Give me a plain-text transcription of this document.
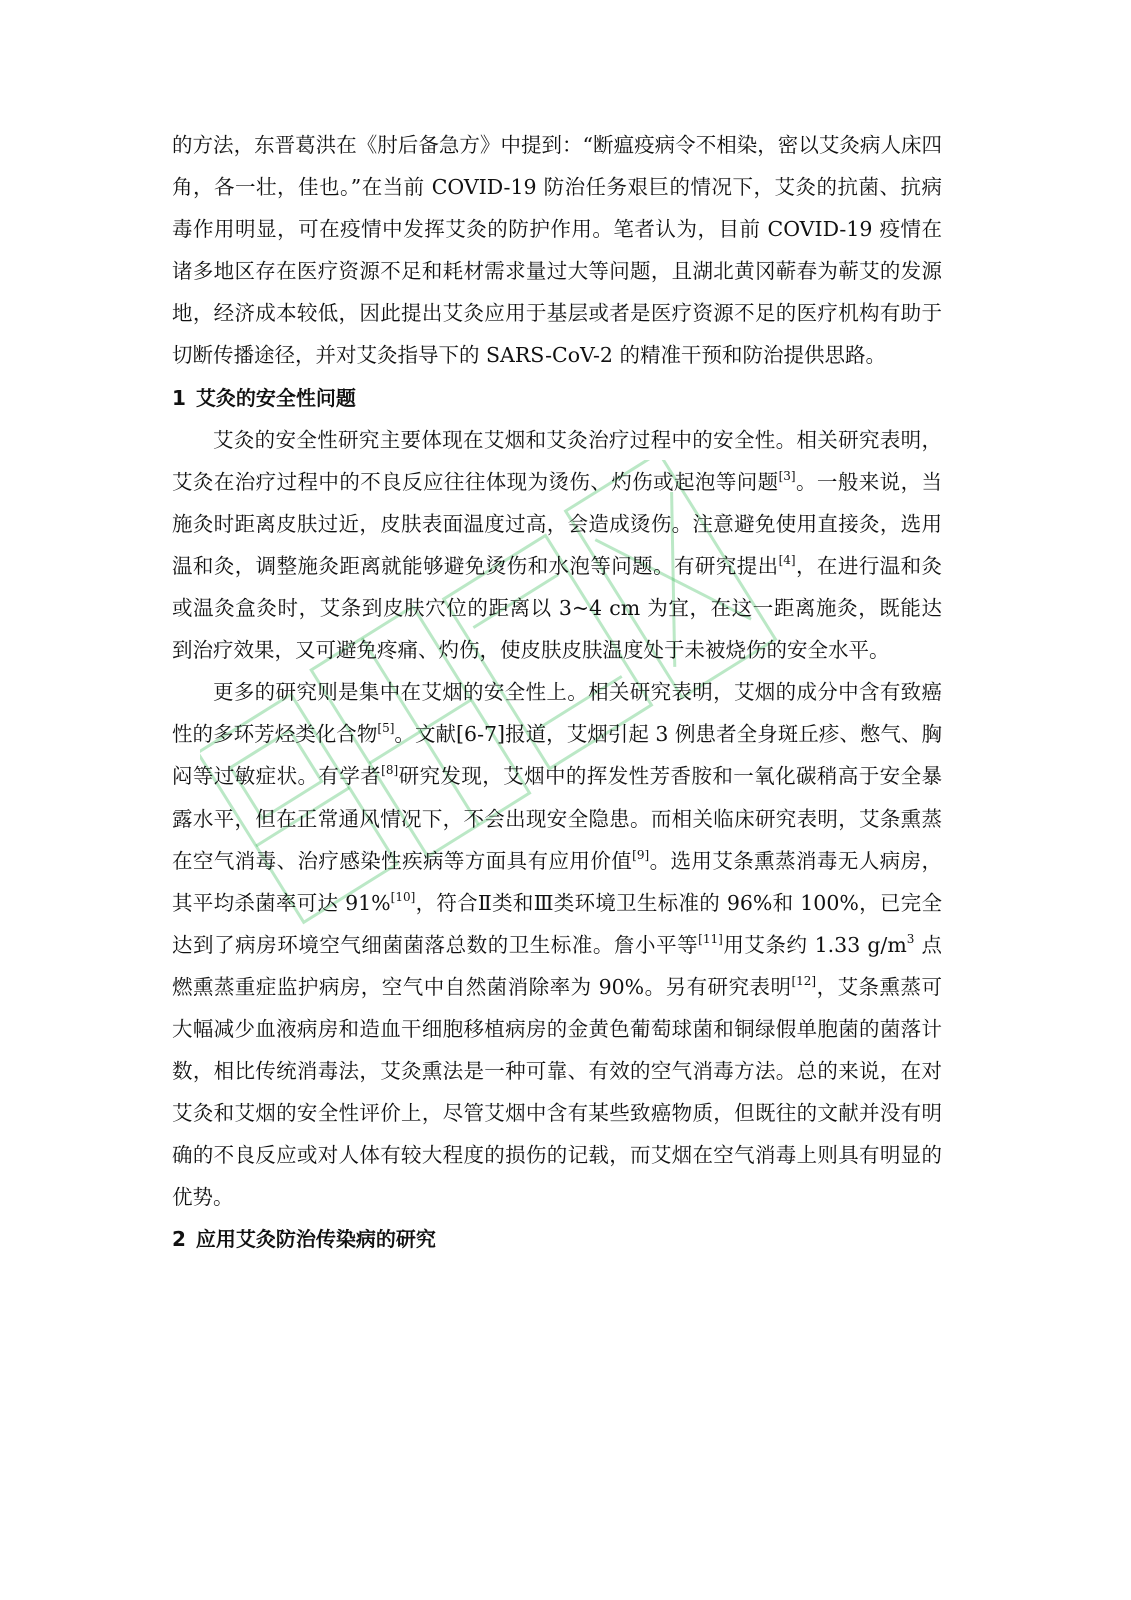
的方法，东晋葛洪在《肘后备急方》中提到：“断瘟疫病令不相染，密以艾灸病人床四角，各一壮，佳也。”在当前 COVID-19 防治任务艰巨的情况下，艾灸的抗菌、抗病毒作用明显，可在疫情中发挥艾灸的防护作用。笔者认为，目前 COVID-19 疫情在诸多地区存在医疗资源不足和耗材需求量过大等问题，且湖北黄冈蕲春为蕲艾的发源地，经济成本较低，因此提出艾灸应用于基层或者是医疗资源不足的医疗机构有助于切断传播途径，并对艾灸指导下的 SARS-CoV-2 的精准干预和防治提供思路。

1 艾灸的安全性问题

艾灸的安全性研究主要体现在艾烟和艾灸治疗过程中的安全性。相关研究表明，艾灸在治疗过程中的不良反应往往体现为烫伤、灼伤或起泡等问题[3]。一般来说，当施灸时距离皮肤过近，皮肤表面温度过高，会造成烫伤。注意避免使用直接灸，选用温和灸，调整施灸距离就能够避免烫伤和水泡等问题。有研究提出[4]，在进行温和灸或温灸盒灸时，艾条到皮肤穴位的距离以 3~4 cm 为宜，在这一距离施灸，既能达到治疗效果，又可避免疼痛、灼伤，使皮肤皮肤温度处于未被烧伤的安全水平。

更多的研究则是集中在艾烟的安全性上。相关研究表明，艾烟的成分中含有致癌性的多环芳烃类化合物[5]。文献[6-7]报道，艾烟引起 3 例患者全身斑丘疹、憋气、胸闷等过敏症状。有学者[8]研究发现，艾烟中的挥发性芳香胺和一氧化碳稍高于安全暴露水平，但在正常通风情况下，不会出现安全隐患。而相关临床研究表明，艾条熏蒸在空气消毒、治疗感染性疾病等方面具有应用价值[9]。选用艾条熏蒸消毒无人病房，其平均杀菌率可达 91%[10]，符合Ⅱ类和Ⅲ类环境卫生标准的 96%和 100%，已完全达到了病房环境空气细菌菌落总数的卫生标准。詹小平等[11]用艾条约 1.33 $g/m^3$ 点燃熏蒸重症监护病房，空气中自然菌消除率为 90%。另有研究表明[12]，艾条熏蒸可大幅减少血液病房和造血干细胞移植病房的金黄色葡萄球菌和铜绿假单胞菌的菌落计数，相比传统消毒法，艾灸熏法是一种可靠、有效的空气消毒方法。总的来说，在对艾灸和艾烟的安全性评价上，尽管艾烟中含有某些致癌物质，但既往的文献并没有明确的不良反应或对人体有较大程度的损伤的记载，而艾烟在空气消毒上则具有明显的优势。

2 应用艾灸防治传染病的研究
